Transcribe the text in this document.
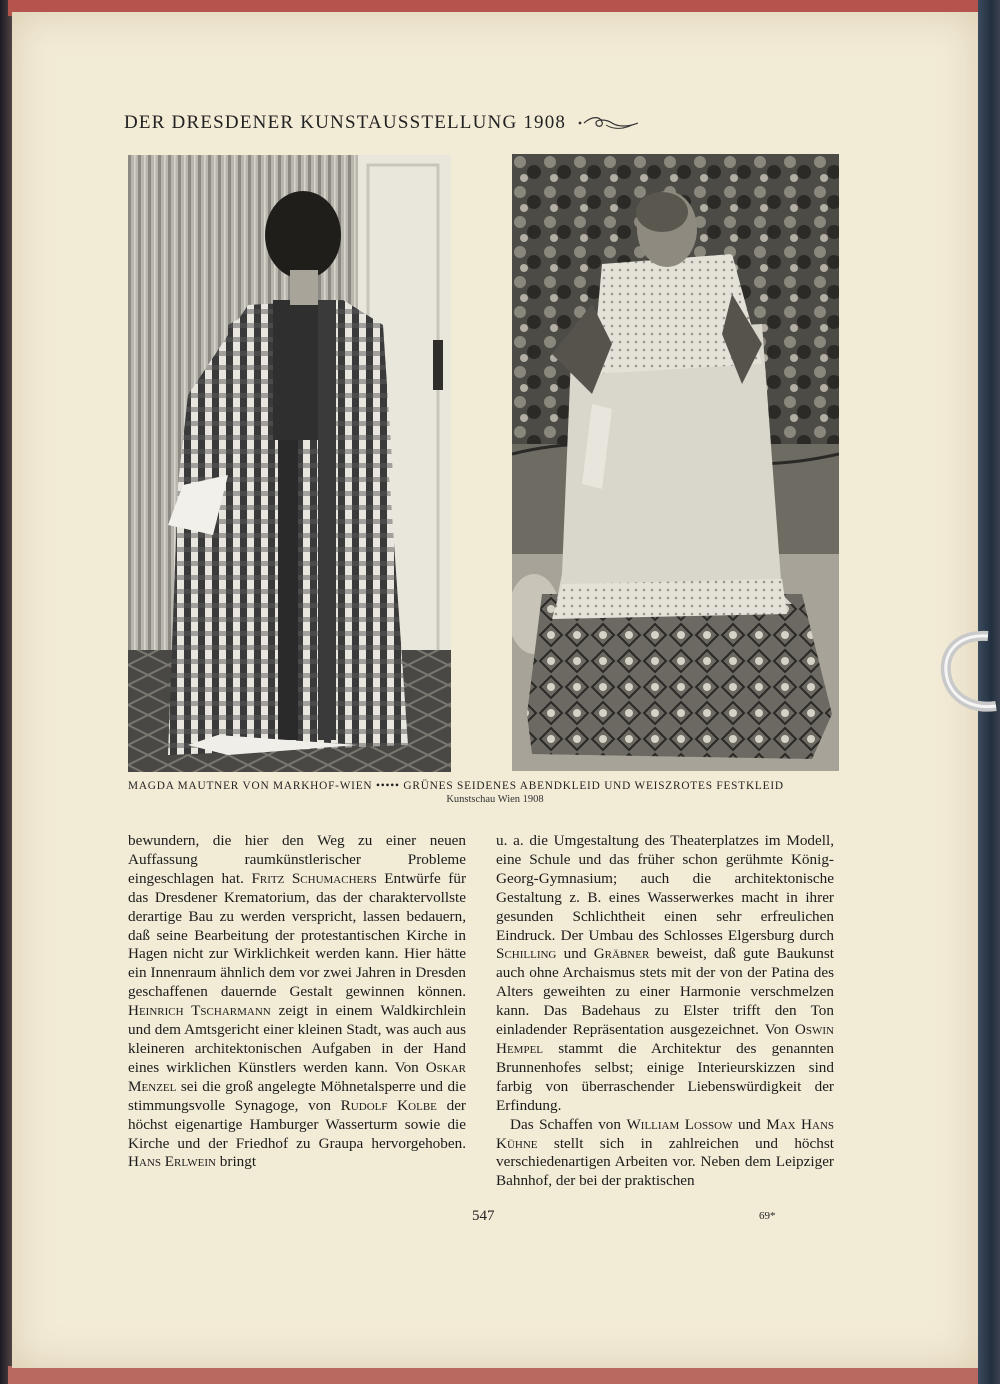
DER DRESDENER KUNSTAUSSTELLUNG 1908
MAGDA MAUTNER VON MARKHOF-WIEN ••••• GRÜNES SEIDENES ABENDKLEID UND WEISZROTES FESTKLEID
Kunstschau Wien 1908

bewundern, die hier den Weg zu einer neuen Auffassung raumkünstlerischer Probleme eingeschlagen hat. Fritz Schumachers Entwürfe für das Dresdener Krematorium, das der charaktervollste derartige Bau zu werden verspricht, lassen bedauern, daß seine Bearbeitung der protestantischen Kirche in Hagen nicht zur Wirklichkeit werden kann. Hier hätte ein Innenraum ähnlich dem vor zwei Jahren in Dresden geschaffenen dauernde Gestalt gewinnen können. Heinrich Tscharmann zeigt in einem Waldkirchlein und dem Amtsgericht einer kleinen Stadt, was auch aus kleineren architektonischen Aufgaben in der Hand eines wirklichen Künstlers werden kann. Von Oskar Menzel sei die groß angelegte Möhnetalsperre und die stimmungsvolle Synagoge, von Rudolf Kolbe der höchst eigenartige Hamburger Wasserturm sowie die Kirche und der Friedhof zu Graupa hervorgehoben. Hans Erlwein bringt

u. a. die Umgestaltung des Theaterplatzes im Modell, eine Schule und das früher schon gerühmte König-Georg-Gymnasium; auch die architektonische Gestaltung z. B. eines Wasserwerkes macht in ihrer gesunden Schlichtheit einen sehr erfreulichen Eindruck. Der Umbau des Schlosses Elgersburg durch Schilling und Gräbner beweist, daß gute Baukunst auch ohne Archaismus stets mit der von der Patina des Alters geweihten zu einer Harmonie verschmelzen kann. Das Badehaus zu Elster trifft den Ton einladender Repräsentation ausgezeichnet. Von Oswin Hempel stammt die Architektur des genannten Brunnenhofes selbst; einige Interieurskizzen sind farbig von überraschender Liebenswürdigkeit der Erfindung.

Das Schaffen von William Lossow und Max Hans Kühne stellt sich in zahlreichen und höchst verschiedenartigen Arbeiten vor. Neben dem Leipziger Bahnhof, der bei der praktischen

547	69*
